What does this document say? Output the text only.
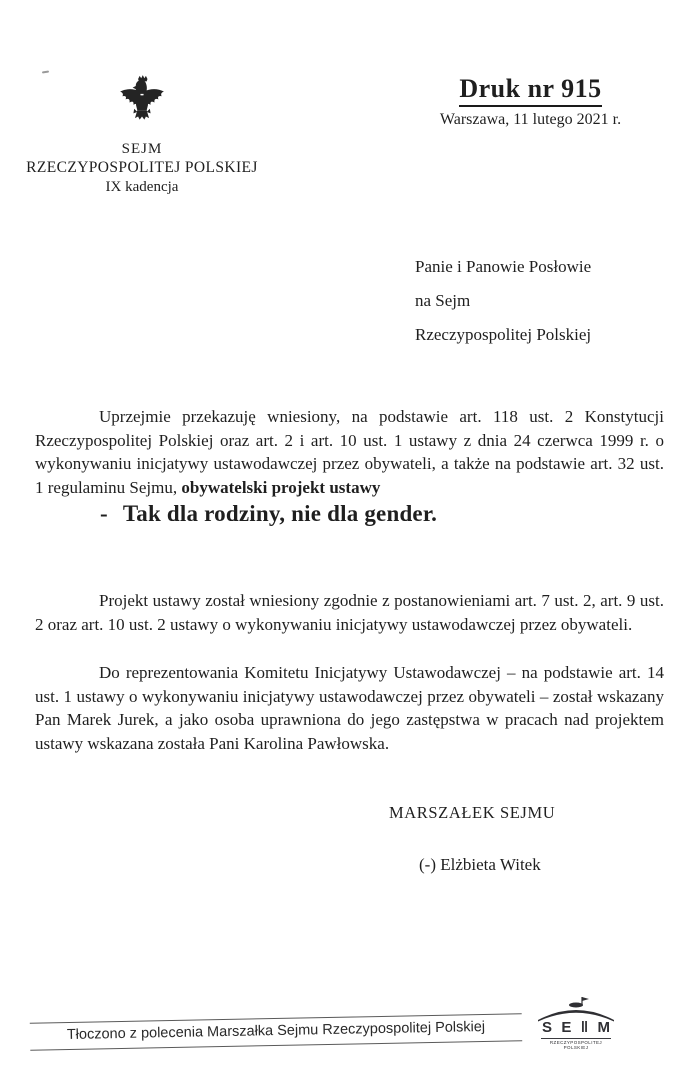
SEJM
RZECZYPOSPOLITEJ POLSKIEJ
IX kadencja
Druk nr 915
Warszawa, 11 lutego 2021 r.
Panie i Panowie Posłowie
na Sejm
Rzeczypospolitej Polskiej

Uprzejmie przekazuję wniesiony, na podstawie art. 118 ust. 2 Konstytucji Rzeczypospolitej Polskiej oraz art. 2 i art. 10 ust. 1 ustawy z dnia 24 czerwca 1999 r. o wykonywaniu inicjatywy ustawodawczej przez obywateli, a także na podstawie art. 32 ust. 1 regulaminu Sejmu, obywatelski projekt ustawy

- Tak dla rodziny, nie dla gender.

Projekt ustawy został wniesiony zgodnie z postanowieniami art. 7 ust. 2, art. 9 ust. 2 oraz art. 10 ust. 2 ustawy o wykonywaniu inicjatywy ustawodawczej przez obywateli.

Do reprezentowania Komitetu Inicjatywy Ustawodawczej – na podstawie art. 14 ust. 1 ustawy o wykonywaniu inicjatywy ustawodawczej przez obywateli – został wskazany Pan Marek Jurek, a jako osoba uprawniona do jego zastępstwa w pracach nad projektem ustawy wskazana została Pani Karolina Pawłowska.

MARSZAŁEK SEJMU
(-) Elżbieta Witek
Tłoczono z polecenia Marszałka Sejmu Rzeczypospolitej Polskiej	S E ‖ M
RZECZYPOSPOLITEJ POLSKIEJ
